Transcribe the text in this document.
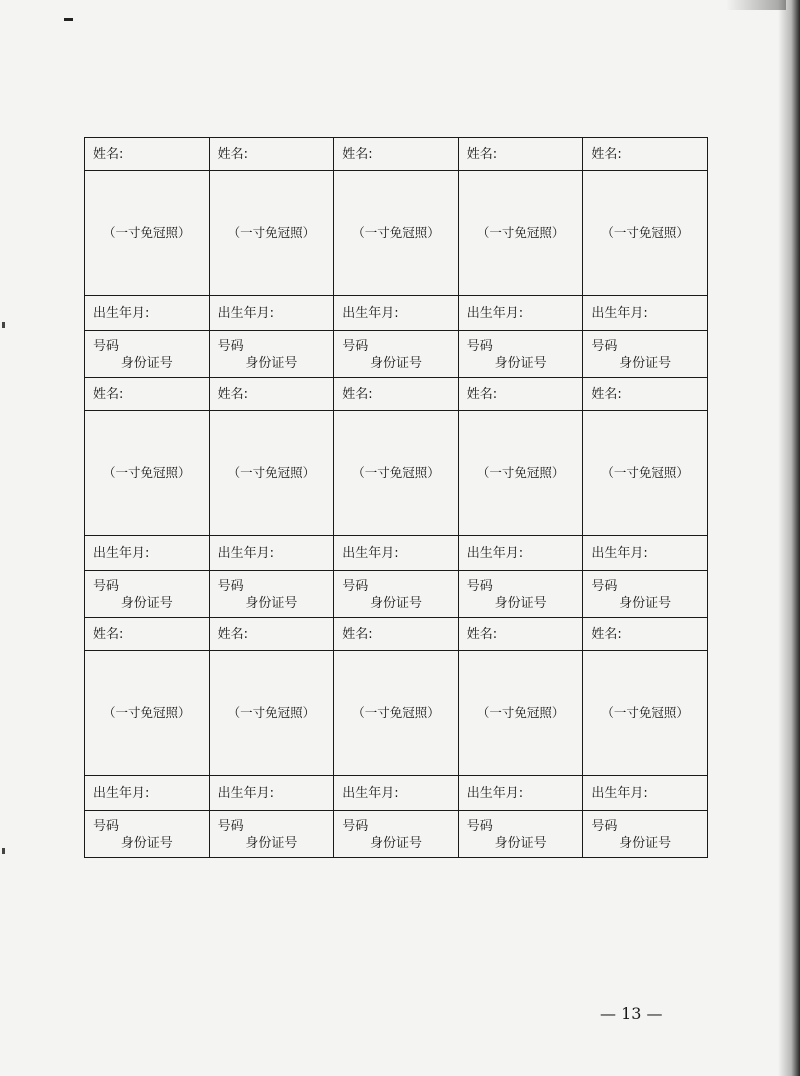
姓名:	姓名:	姓名:	姓名:	姓名:
（一寸免冠照）	（一寸免冠照）	（一寸免冠照）	（一寸免冠照）	（一寸免冠照）
出生年月:	出生年月:	出生年月:	出生年月:	出生年月:
号码	号码	号码	号码	号码
身份证号	身份证号	身份证号	身份证号	身份证号
姓名:	姓名:	姓名:	姓名:	姓名:
（一寸免冠照）	（一寸免冠照）	（一寸免冠照）	（一寸免冠照）	（一寸免冠照）
出生年月:	出生年月:	出生年月:	出生年月:	出生年月:
号码	号码	号码	号码	号码
身份证号	身份证号	身份证号	身份证号	身份证号
姓名:	姓名:	姓名:	姓名:	姓名:
（一寸免冠照）	（一寸免冠照）	（一寸免冠照）	（一寸免冠照）	（一寸免冠照）
出生年月:	出生年月:	出生年月:	出生年月:	出生年月:
号码	号码	号码	号码	号码
身份证号	身份证号	身份证号	身份证号	身份证号
— 13 —
